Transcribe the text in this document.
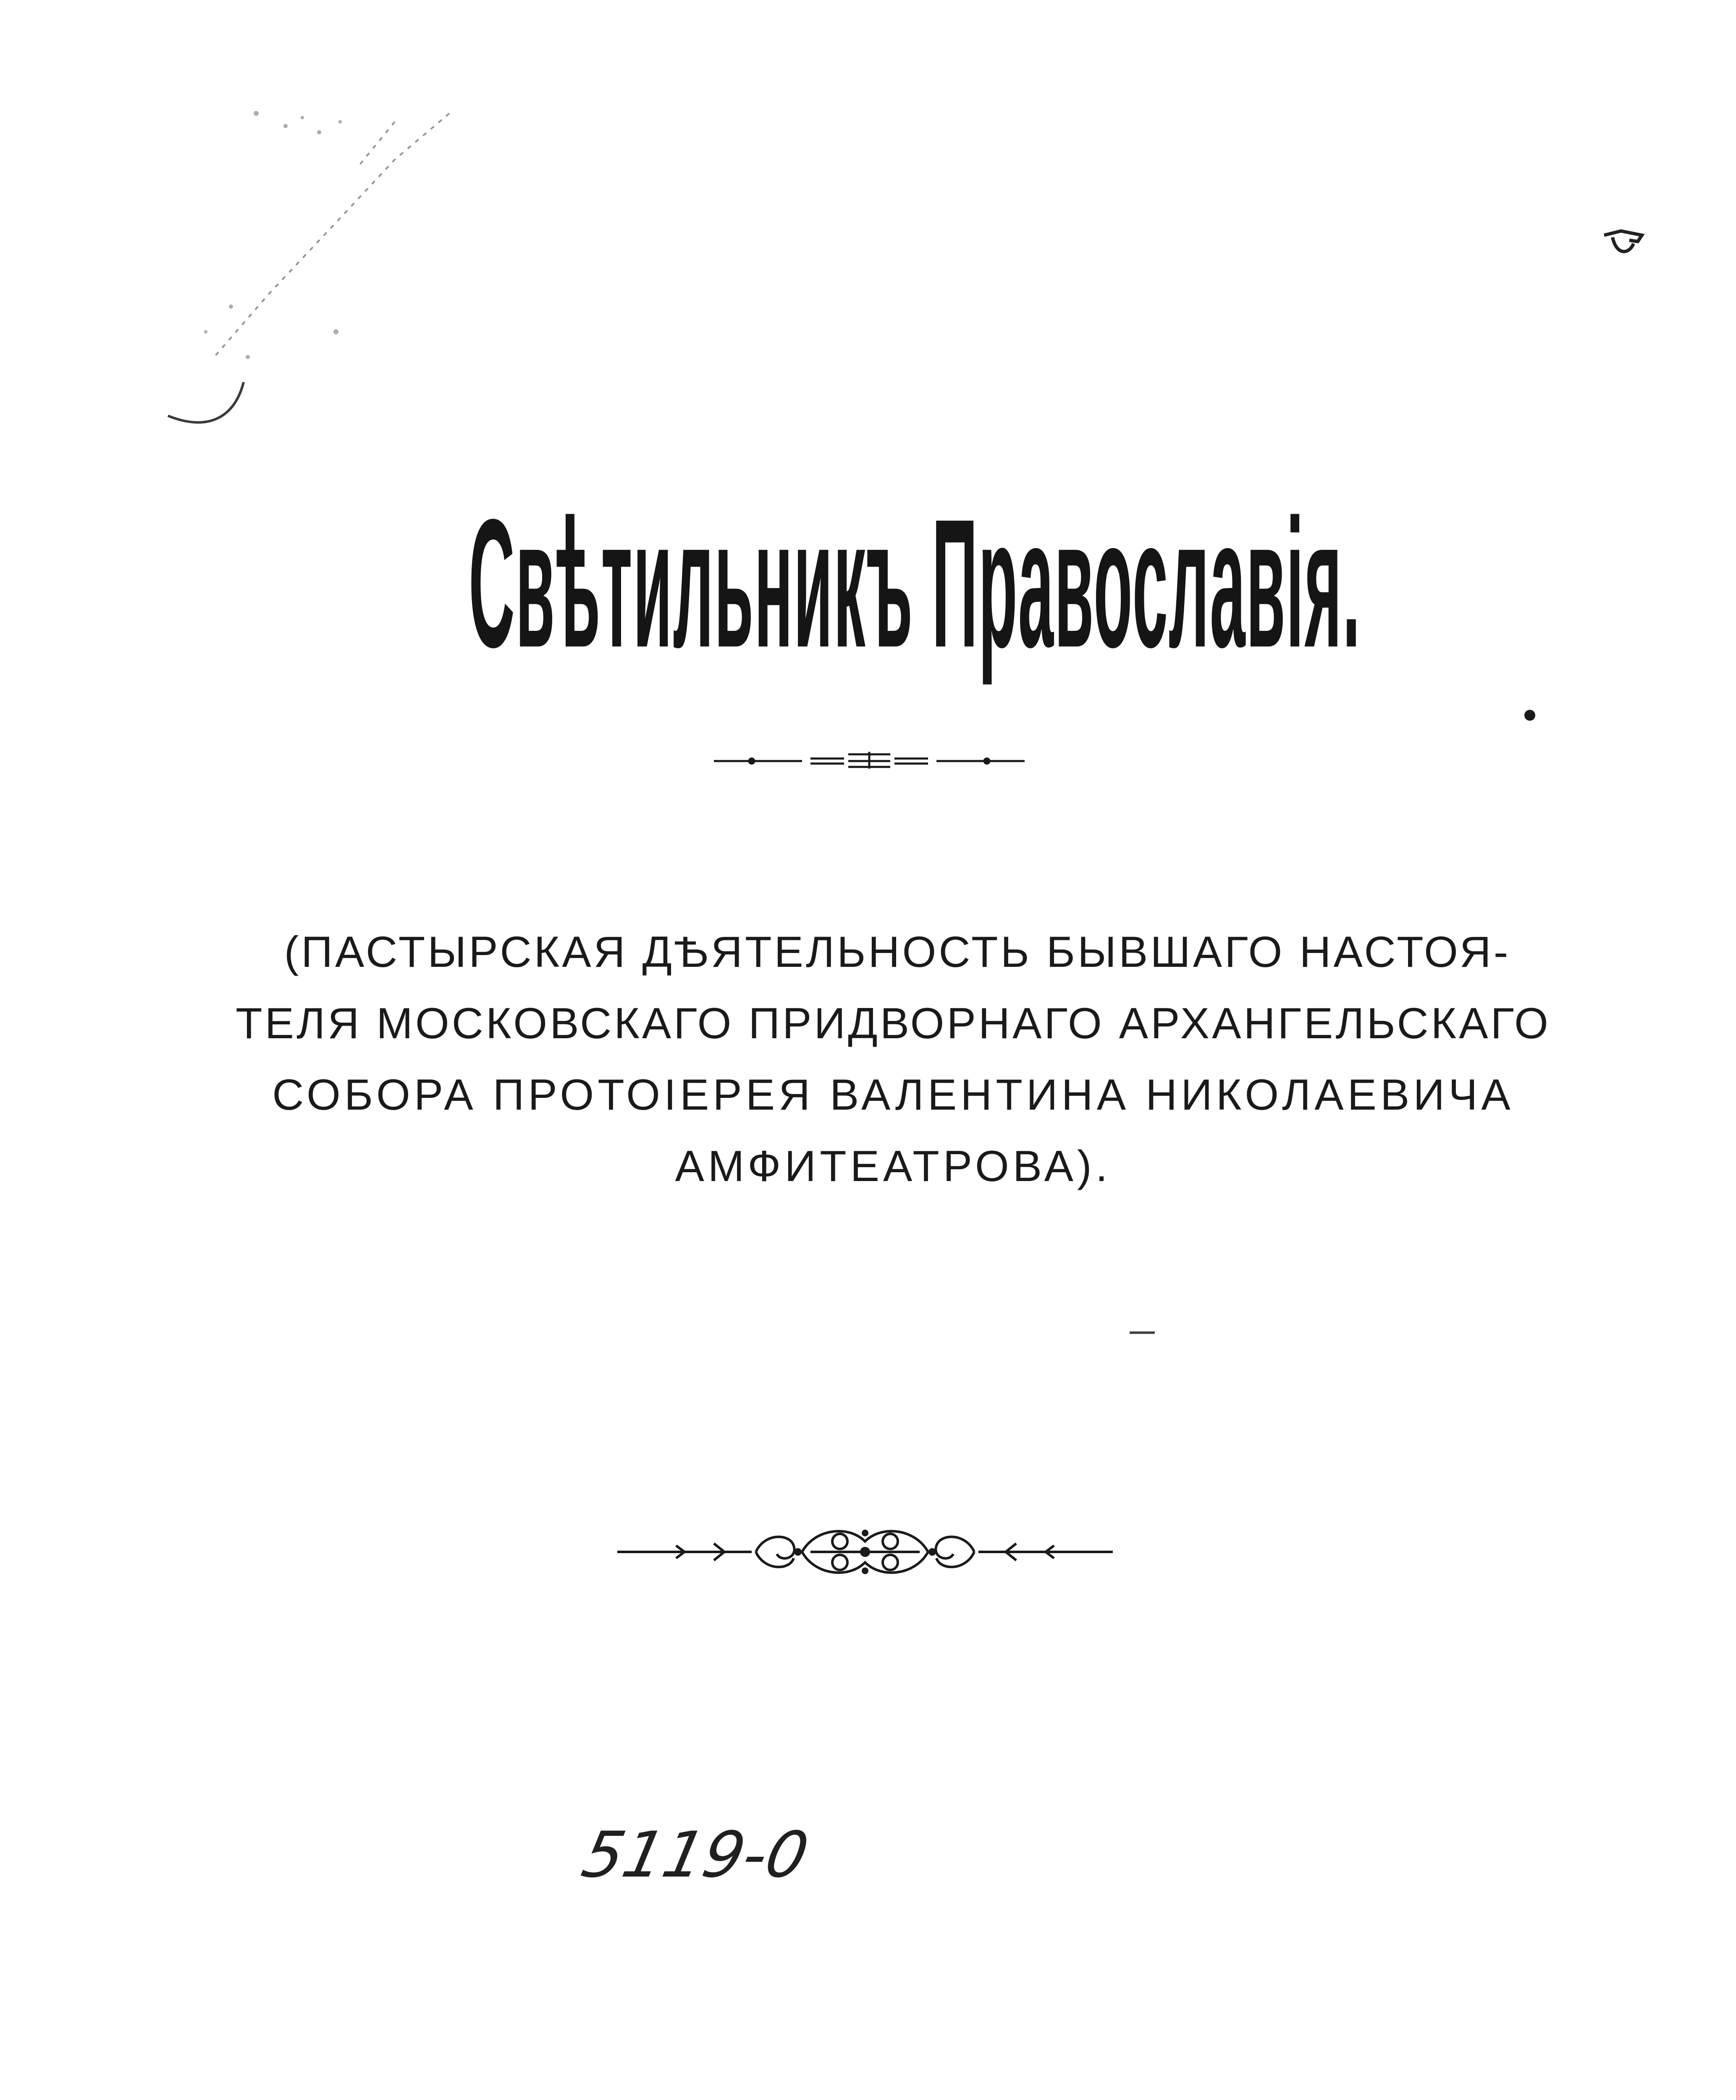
Свѣтильникъ Православія.
(ПАСТЫРСКАЯ ДѢЯТЕЛЬНОСТЬ БЫВШАГО НАСТОЯ-
ТЕЛЯ МОСКОВСКАГО ПРИДВОРНАГО АРХАНГЕЛЬСКАГО
СОБОРА ПРОТОІЕРЕЯ ВАЛЕНТИНА НИКОЛАЕВИЧА
АМФИТЕАТРОВА).
5119-0
